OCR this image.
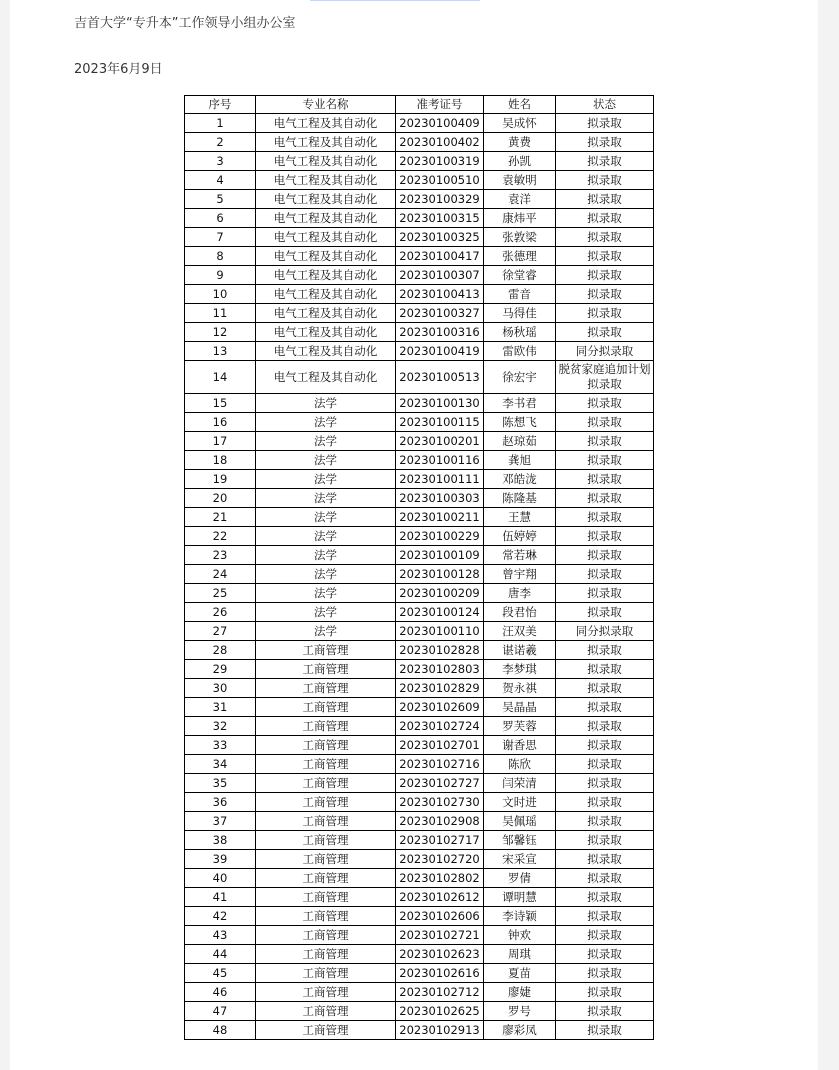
吉首大学“专升本”工作领导小组办公室
2023年6月9日
序号	专业名称	准考证号	姓名	状态
1	电气工程及其自动化	20230100409	吴成怀	拟录取
2	电气工程及其自动化	20230100402	黄费	拟录取
3	电气工程及其自动化	20230100319	孙凯	拟录取
4	电气工程及其自动化	20230100510	袁敏明	拟录取
5	电气工程及其自动化	20230100329	袁洋	拟录取
6	电气工程及其自动化	20230100315	康炜平	拟录取
7	电气工程及其自动化	20230100325	张敦梁	拟录取
8	电气工程及其自动化	20230100417	张德理	拟录取
9	电气工程及其自动化	20230100307	徐堂睿	拟录取
10	电气工程及其自动化	20230100413	雷音	拟录取
11	电气工程及其自动化	20230100327	马得佳	拟录取
12	电气工程及其自动化	20230100316	杨秋瑶	拟录取
13	电气工程及其自动化	20230100419	雷欧伟	同分拟录取
14	电气工程及其自动化	20230100513	徐宏宇	脱贫家庭追加计划拟录取
15	法学	20230100130	李书君	拟录取
16	法学	20230100115	陈想飞	拟录取
17	法学	20230100201	赵琼茹	拟录取
18	法学	20230100116	龚旭	拟录取
19	法学	20230100111	邓皓泷	拟录取
20	法学	20230100303	陈隆基	拟录取
21	法学	20230100211	王慧	拟录取
22	法学	20230100229	伍婷婷	拟录取
23	法学	20230100109	常若琳	拟录取
24	法学	20230100128	曾宇翔	拟录取
25	法学	20230100209	唐李	拟录取
26	法学	20230100124	段君怡	拟录取
27	法学	20230100110	汪双美	同分拟录取
28	工商管理	20230102828	谌诺羲	拟录取
29	工商管理	20230102803	李梦琪	拟录取
30	工商管理	20230102829	贺永祺	拟录取
31	工商管理	20230102609	吴晶晶	拟录取
32	工商管理	20230102724	罗芙蓉	拟录取
33	工商管理	20230102701	谢香思	拟录取
34	工商管理	20230102716	陈欣	拟录取
35	工商管理	20230102727	闫荣清	拟录取
36	工商管理	20230102730	文时进	拟录取
37	工商管理	20230102908	吴佩瑶	拟录取
38	工商管理	20230102717	邹馨钰	拟录取
39	工商管理	20230102720	宋采宣	拟录取
40	工商管理	20230102802	罗倩	拟录取
41	工商管理	20230102612	谭明慧	拟录取
42	工商管理	20230102606	李诗颖	拟录取
43	工商管理	20230102721	钟欢	拟录取
44	工商管理	20230102623	周琪	拟录取
45	工商管理	20230102616	夏苗	拟录取
46	工商管理	20230102712	廖婕	拟录取
47	工商管理	20230102625	罗号	拟录取
48	工商管理	20230102913	廖彩凤	拟录取
